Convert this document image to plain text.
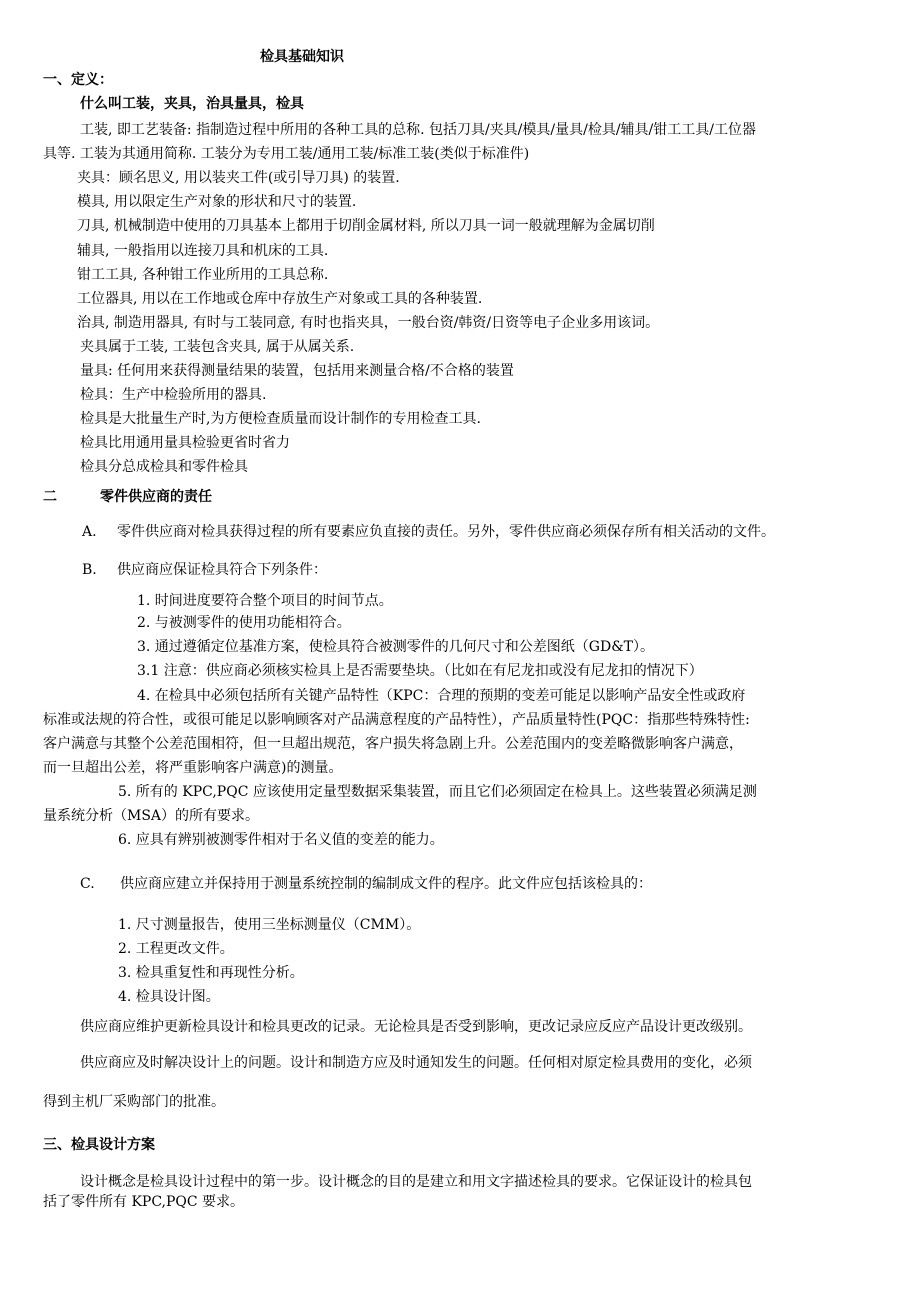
检具基础知识
一、定义：
什么叫工装，夹具，治具量具，检具
工装, 即工艺装备: 指制造过程中所用的各种工具的总称. 包括刀具/夹具/模具/量具/检具/辅具/钳工工具/工位器
具等. 工装为其通用简称. 工装分为专用工装/通用工装/标准工装(类似于标准件)
夹具：顾名思义, 用以装夹工件(或引导刀具) 的装置.
模具, 用以限定生产对象的形状和尺寸的装置.
刀具, 机械制造中使用的刀具基本上都用于切削金属材料, 所以刀具一词一般就理解为金属切削
辅具, 一般指用以连接刀具和机床的工具.
钳工工具, 各种钳工作业所用的工具总称.
工位器具, 用以在工作地或仓库中存放生产对象或工具的各种装置.
治具, 制造用器具, 有时与工装同意, 有时也指夹具，一般台资/韩资/日资等电子企业多用该词。
夹具属于工装, 工装包含夹具, 属于从属关系.
量具: 任何用来获得测量结果的装置，包括用来测量合格/不合格的装置
检具：生产中检验所用的器具.
检具是大批量生产时,为方便检查质量而设计制作的专用检查工具.
检具比用通用量具检验更省时省力
检具分总成检具和零件检具
二	零件供应商的责任
A. 零件供应商对检具获得过程的所有要素应负直接的责任。另外，零件供应商必须保存所有相关活动的文件。
B. 供应商应保证检具符合下列条件：
1. 时间进度要符合整个项目的时间节点。
2. 与被测零件的使用功能相符合。
3. 通过遵循定位基准方案，使检具符合被测零件的几何尺寸和公差图纸（GD&T）。
3.1 注意：供应商必须核实检具上是否需要垫块。（比如在有尼龙扣或没有尼龙扣的情况下）
4. 在检具中必须包括所有关键产品特性（KPC：合理的预期的变差可能足以影响产品安全性或政府
标准或法规的符合性，或很可能足以影响顾客对产品满意程度的产品特性），产品质量特性(PQC：指那些特殊特性:
客户满意与其整个公差范围相符，但一旦超出规范，客户损失将急剧上升。公差范围内的变差略微影响客户满意，
而一旦超出公差，将严重影响客户满意)的测量。
5. 所有的 KPC,PQC 应该使用定量型数据采集装置，而且它们必须固定在检具上。这些装置必须满足测
量系统分析（MSA）的所有要求。
6. 应具有辨别被测零件相对于名义值的变差的能力。
C. 供应商应建立并保持用于测量系统控制的编制成文件的程序。此文件应包括该检具的：
1. 尺寸测量报告，使用三坐标测量仪（CMM）。
2. 工程更改文件。
3. 检具重复性和再现性分析。
4. 检具设计图。
供应商应维护更新检具设计和检具更改的记录。无论检具是否受到影响，更改记录应反应产品设计更改级别。
供应商应及时解决设计上的问题。设计和制造方应及时通知发生的问题。任何相对原定检具费用的变化，必须
得到主机厂采购部门的批准。
三、检具设计方案
设计概念是检具设计过程中的第一步。设计概念的目的是建立和用文字描述检具的要求。它保证设计的检具包
括了零件所有 KPC,PQC 要求。
